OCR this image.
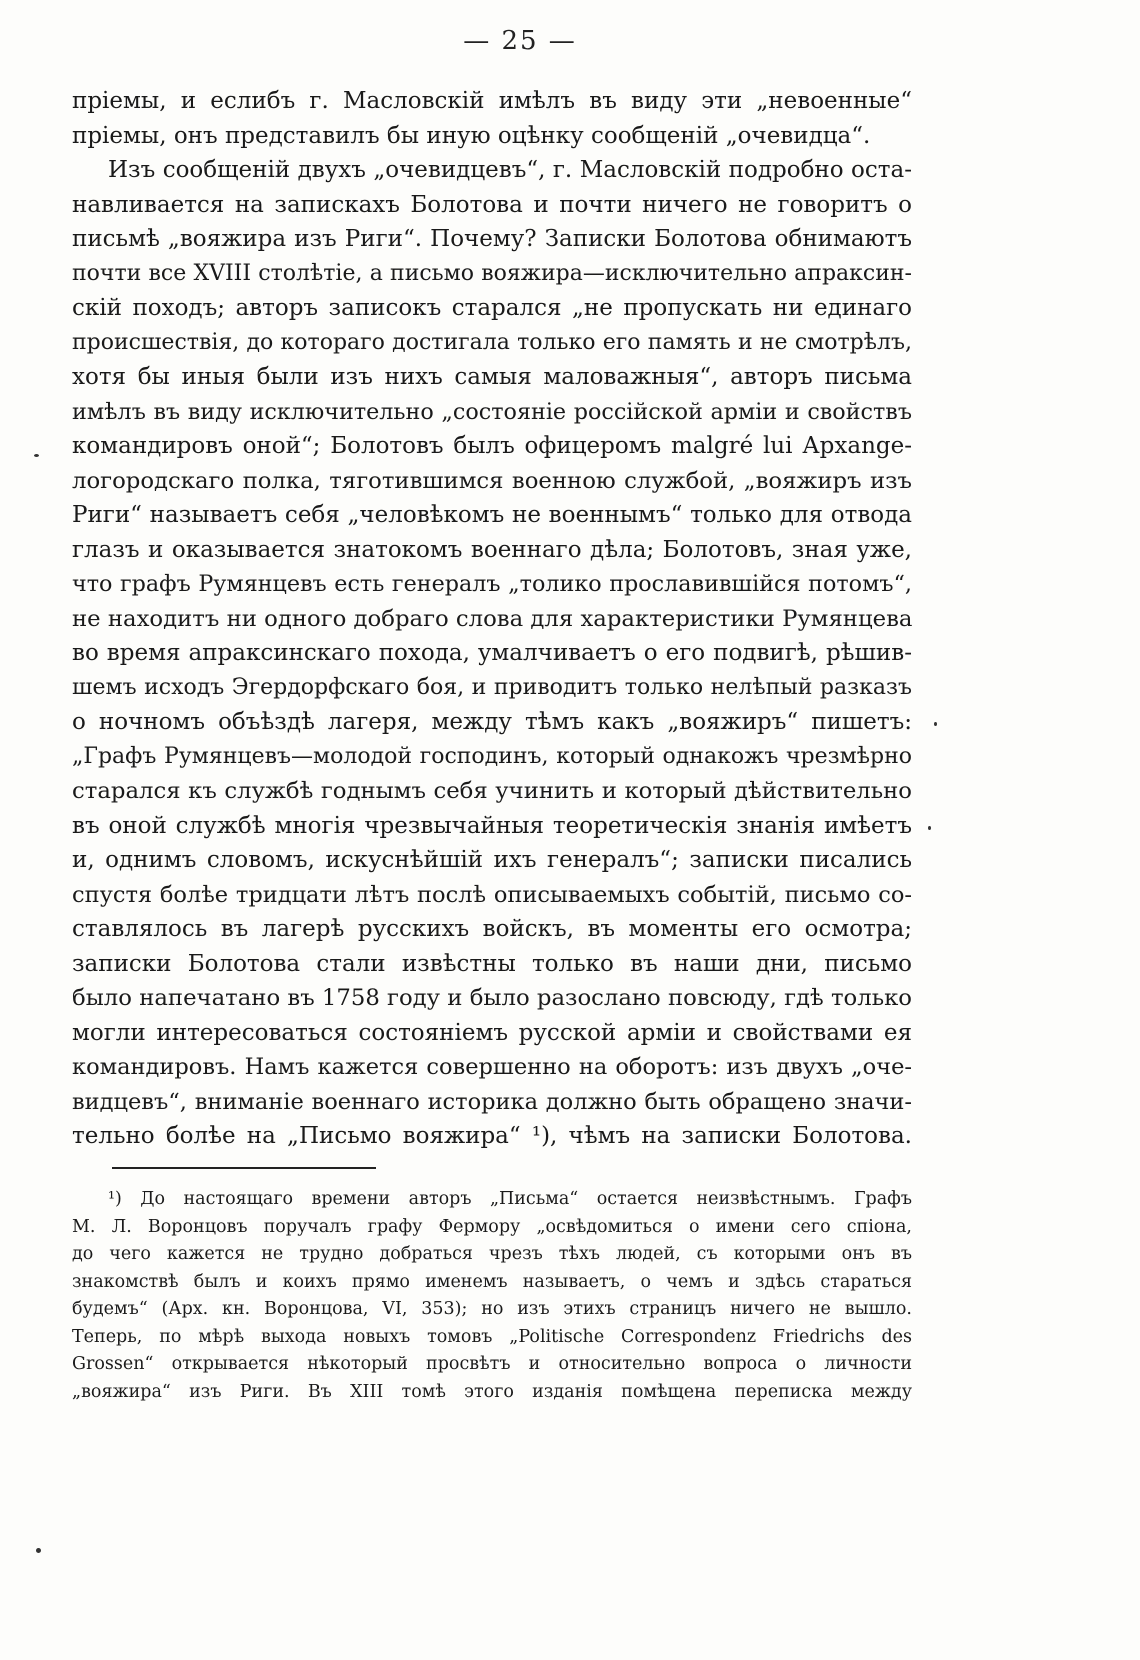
— 25 —
пріемы, и еслибъ г. Масловскій имѣлъ въ виду эти „невоенные“
пріемы, онъ представилъ бы иную оцѣнку сообщеній „очевидца“.
Изъ сообщеній двухъ „очевидцевъ“, г. Масловскій подробно оста-
навливается на запискахъ Болотова и почти ничего не говоритъ о
письмѣ „вояжира изъ Риги“. Почему? Записки Болотова обнимаютъ
почти все XVIII столѣтіе, а письмо вояжира—исключительно апраксин-
скій походъ; авторъ записокъ старался „не пропускать ни единаго
происшествія, до котораго достигала только его память и не смотрѣлъ,
хотя бы иныя были изъ нихъ самыя маловажныя“, авторъ письма
имѣлъ въ виду исключительно „состояніе россійской арміи и свойствъ
командировъ оной“; Болотовъ былъ офицеромъ malgré lui Архange-
логородскаго полка, тяготившимся военною службой, „вояжиръ изъ
Риги“ называетъ себя „человѣкомъ не военнымъ“ только для отвода
глазъ и оказывается знатокомъ военнаго дѣла; Болотовъ, зная уже,
что графъ Румянцевъ есть генералъ „толико прославившійся потомъ“,
не находитъ ни одного добраго слова для характеристики Румянцева
во время апраксинскаго похода, умалчиваетъ о его подвигѣ, рѣшив-
шемъ исходъ Эгердорфскаго боя, и приводитъ только нелѣпый разказъ
о ночномъ объѣздѣ лагеря, между тѣмъ какъ „вояжиръ“ пишетъ:
„Графъ Румянцевъ—молодой господинъ, который однакожъ чрезмѣрно
старался къ службѣ годнымъ себя учинить и который дѣйствительно
въ оной службѣ многія чрезвычайныя теоретическія знанія имѣетъ
и, однимъ словомъ, искуснѣйшій ихъ генералъ“; записки писались
спустя болѣе тридцати лѣтъ послѣ описываемыхъ событій, письмо со-
ставлялось въ лагерѣ русскихъ войскъ, въ моменты его осмотра;
записки Болотова стали извѣстны только въ наши дни, письмо
было напечатано въ 1758 году и было разослано повсюду, гдѣ только
могли интересоваться состояніемъ русской арміи и свойствами ея
командировъ. Намъ кажется совершенно на оборотъ: изъ двухъ „оче-
видцевъ“, вниманіе военнаго историка должно быть обращено значи-
тельно болѣе на „Письмо вояжира“ ¹), чѣмъ на записки Болотова.
¹) До настоящаго времени авторъ „Письма“ остается неизвѣстнымъ. Графъ
М. Л. Воронцовъ поручалъ графу Фермору „освѣдомиться о имени сего спіона,
до чего кажется не трудно добраться чрезъ тѣхъ людей, съ которыми онъ въ
знакомствѣ былъ и коихъ прямо именемъ называетъ, о чемъ и здѣсь стараться
будемъ“ (Арх. кн. Воронцова, VI, 353); но изъ этихъ страницъ ничего не вышло.
Теперь, по мѣрѣ выхода новыхъ томовъ „Politische Correspondenz Friedrichs des
Grossen“ открывается нѣкоторый просвѣтъ и относительно вопроса о личности
„вояжира“ изъ Риги. Въ XIII томѣ этого изданія помѣщена переписка между
